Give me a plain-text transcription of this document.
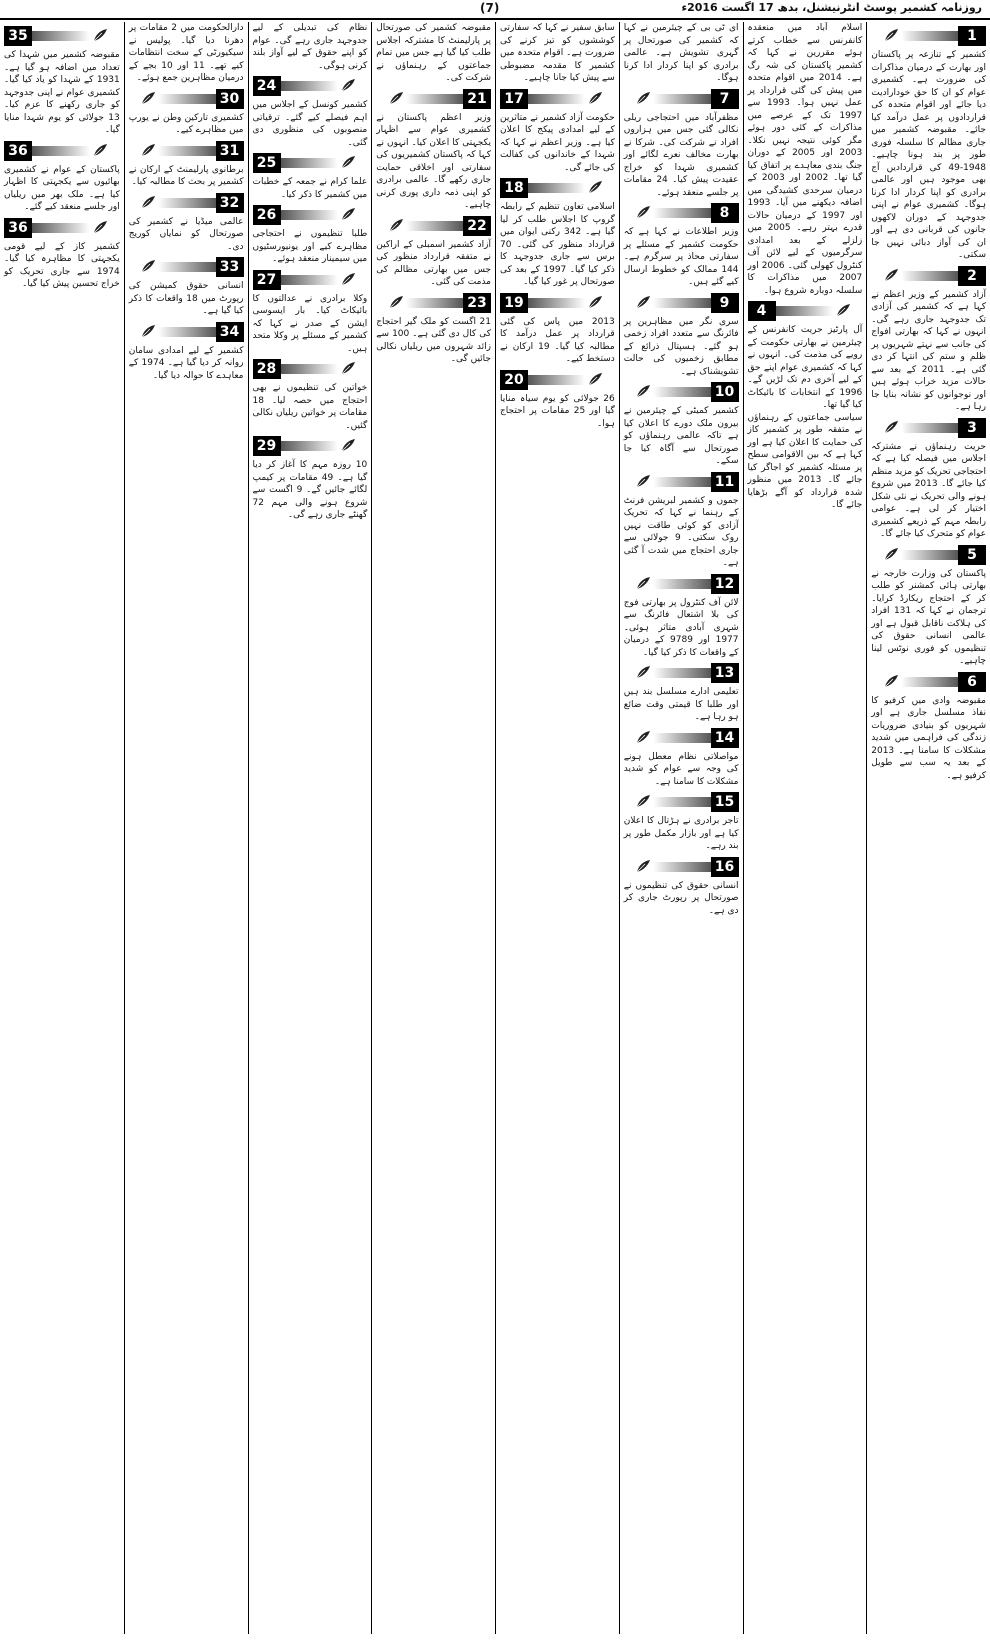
روزنامہ کشمیر پوسٹ انٹرنیشنل، بدھ 17 اگست 2016ء
(7)
1

کشمیر کے تنازعہ پر پاکستان اور بھارت کے درمیان مذاکرات کی ضرورت ہے۔ کشمیری عوام کو ان کا حق خودارادیت دیا جائے اور اقوام متحدہ کی قراردادوں پر عمل درآمد کیا جائے۔ مقبوضہ کشمیر میں جاری مظالم کا سلسلہ فوری طور پر بند ہونا چاہیے۔ 1948-49 کی قراردادیں آج بھی موجود ہیں اور عالمی برادری کو اپنا کردار ادا کرنا ہوگا۔ کشمیری عوام نے اپنی جدوجہد کے دوران لاکھوں جانوں کی قربانی دی ہے اور ان کی آواز دبائی نہیں جا سکتی۔

2

آزاد کشمیر کے وزیر اعظم نے کہا ہے کہ کشمیر کی آزادی تک جدوجہد جاری رہے گی۔ انہوں نے کہا کہ بھارتی افواج کی جانب سے نہتے شہریوں پر ظلم و ستم کی انتہا کر دی گئی ہے۔ 2011 کے بعد سے حالات مزید خراب ہوئے ہیں اور نوجوانوں کو نشانہ بنایا جا رہا ہے۔

3

حریت رہنماؤں نے مشترکہ اجلاس میں فیصلہ کیا ہے کہ احتجاجی تحریک کو مزید منظم کیا جائے گا۔ 2013 میں شروع ہونے والی تحریک نے نئی شکل اختیار کر لی ہے۔ عوامی رابطہ مہم کے ذریعے کشمیری عوام کو متحرک کیا جائے گا۔

5

پاکستان کی وزارت خارجہ نے بھارتی ہائی کمشنر کو طلب کر کے احتجاج ریکارڈ کرایا۔ ترجمان نے کہا کہ 131 افراد کی ہلاکت ناقابل قبول ہے اور عالمی انسانی حقوق کی تنظیموں کو فوری نوٹس لینا چاہیے۔

6

مقبوضہ وادی میں کرفیو کا نفاذ مسلسل جاری ہے اور شہریوں کو بنیادی ضروریات زندگی کی فراہمی میں شدید مشکلات کا سامنا ہے۔ 2013 کے بعد یہ سب سے طویل کرفیو ہے۔

اسلام آباد میں منعقدہ کانفرنس سے خطاب کرتے ہوئے مقررین نے کہا کہ کشمیر پاکستان کی شہ رگ ہے۔ 2014 میں اقوام متحدہ میں پیش کی گئی قرارداد پر عمل نہیں ہوا۔ 1993 سے 1997 تک کے عرصے میں مذاکرات کے کئی دور ہوئے مگر کوئی نتیجہ نہیں نکلا۔ 2003 اور 2005 کے دوران جنگ بندی معاہدے پر اتفاق کیا گیا تھا۔ 2002 اور 2003 کے درمیان سرحدی کشیدگی میں اضافہ دیکھنے میں آیا۔ 1993 اور 1997 کے درمیان حالات قدرے بہتر رہے۔ 2005 میں زلزلے کے بعد امدادی سرگرمیوں کے لیے لائن آف کنٹرول کھولی گئی۔ 2006 اور 2007 میں مذاکرات کا سلسلہ دوبارہ شروع ہوا۔

4

آل پارٹیز حریت کانفرنس کے چیئرمین نے بھارتی حکومت کے رویے کی مذمت کی۔ انہوں نے کہا کہ کشمیری عوام اپنے حق کے لیے آخری دم تک لڑیں گے۔ 1996 کے انتخابات کا بائیکاٹ کیا گیا تھا۔

سیاسی جماعتوں کے رہنماؤں نے متفقہ طور پر کشمیر کاز کی حمایت کا اعلان کیا ہے اور کہا ہے کہ بین الاقوامی سطح پر مسئلہ کشمیر کو اجاگر کیا جائے گا۔ 2013 میں منظور شدہ قرارداد کو آگے بڑھایا جائے گا۔

ای ٹی بی کے چیئرمین نے کہا کہ کشمیر کی صورتحال پر گہری تشویش ہے۔ عالمی برادری کو اپنا کردار ادا کرنا ہوگا۔

7

مظفرآباد میں احتجاجی ریلی نکالی گئی جس میں ہزاروں افراد نے شرکت کی۔ شرکا نے بھارت مخالف نعرے لگائے اور کشمیری شہدا کو خراج عقیدت پیش کیا۔ 24 مقامات پر جلسے منعقد ہوئے۔

8

وزیر اطلاعات نے کہا ہے کہ حکومت کشمیر کے مسئلے پر سفارتی محاذ پر سرگرم ہے۔ 144 ممالک کو خطوط ارسال کیے گئے ہیں۔

9

سری نگر میں مظاہرین پر فائرنگ سے متعدد افراد زخمی ہو گئے۔ ہسپتال ذرائع کے مطابق زخمیوں کی حالت تشویشناک ہے۔

10

کشمیر کمیٹی کے چیئرمین نے بیرون ملک دورے کا اعلان کیا ہے تاکہ عالمی رہنماؤں کو صورتحال سے آگاہ کیا جا سکے۔

11

جموں و کشمیر لبریشن فرنٹ کے رہنما نے کہا کہ تحریک آزادی کو کوئی طاقت نہیں روک سکتی۔ 9 جولائی سے جاری احتجاج میں شدت آ گئی ہے۔

12

لائن آف کنٹرول پر بھارتی فوج کی بلا اشتعال فائرنگ سے شہری آبادی متاثر ہوئی۔ 1977 اور 9789 کے درمیان کے واقعات کا ذکر کیا گیا۔

13

تعلیمی ادارے مسلسل بند ہیں اور طلبا کا قیمتی وقت ضائع ہو رہا ہے۔

14

مواصلاتی نظام معطل ہونے کی وجہ سے عوام کو شدید مشکلات کا سامنا ہے۔

15

تاجر برادری نے ہڑتال کا اعلان کیا ہے اور بازار مکمل طور پر بند رہے۔

16

انسانی حقوق کی تنظیموں نے صورتحال پر رپورٹ جاری کر دی ہے۔

سابق سفیر نے کہا کہ سفارتی کوششوں کو تیز کرنے کی ضرورت ہے۔ اقوام متحدہ میں کشمیر کا مقدمہ مضبوطی سے پیش کیا جانا چاہیے۔

17

حکومت آزاد کشمیر نے متاثرین کے لیے امدادی پیکج کا اعلان کیا ہے۔ وزیر اعظم نے کہا کہ شہدا کے خاندانوں کی کفالت کی جائے گی۔

18

اسلامی تعاون تنظیم کے رابطہ گروپ کا اجلاس طلب کر لیا گیا ہے۔ 342 رکنی ایوان میں قرارداد منظور کی گئی۔ 70 برس سے جاری جدوجہد کا ذکر کیا گیا۔ 1997 کے بعد کی صورتحال پر غور کیا گیا۔

19

2013 میں پاس کی گئی قرارداد پر عمل درآمد کا مطالبہ کیا گیا۔ 19 ارکان نے دستخط کیے۔

20

26 جولائی کو یوم سیاہ منایا گیا اور 25 مقامات پر احتجاج ہوا۔

مقبوضہ کشمیر کی صورتحال پر پارلیمنٹ کا مشترکہ اجلاس طلب کیا گیا ہے جس میں تمام جماعتوں کے رہنماؤں نے شرکت کی۔

21

وزیر اعظم پاکستان نے کشمیری عوام سے اظہار یکجہتی کا اعلان کیا۔ انہوں نے کہا کہ پاکستان کشمیریوں کی سفارتی اور اخلاقی حمایت جاری رکھے گا۔ عالمی برادری کو اپنی ذمہ داری پوری کرنی چاہیے۔

22

آزاد کشمیر اسمبلی کے اراکین نے متفقہ قرارداد منظور کی جس میں بھارتی مظالم کی مذمت کی گئی۔

23

21 اگست کو ملک گیر احتجاج کی کال دی گئی ہے۔ 100 سے زائد شہروں میں ریلیاں نکالی جائیں گی۔

نظام کی تبدیلی کے لیے جدوجہد جاری رہے گی۔ عوام کو اپنے حقوق کے لیے آواز بلند کرنی ہوگی۔

24

کشمیر کونسل کے اجلاس میں اہم فیصلے کیے گئے۔ ترقیاتی منصوبوں کی منظوری دی گئی۔

25

علما کرام نے جمعہ کے خطبات میں کشمیر کا ذکر کیا۔

26

طلبا تنظیموں نے احتجاجی مظاہرے کیے اور یونیورسٹیوں میں سیمینار منعقد ہوئے۔

27

وکلا برادری نے عدالتوں کا بائیکاٹ کیا۔ بار ایسوسی ایشن کے صدر نے کہا کہ کشمیر کے مسئلے پر وکلا متحد ہیں۔

28

خواتین کی تنظیموں نے بھی احتجاج میں حصہ لیا۔ 18 مقامات پر خواتین ریلیاں نکالی گئیں۔

29

10 روزہ مہم کا آغاز کر دیا گیا ہے۔ 49 مقامات پر کیمپ لگائے جائیں گے۔ 9 اگست سے شروع ہونے والی مہم 72 گھنٹے جاری رہے گی۔

دارالحکومت میں 2 مقامات پر دھرنا دیا گیا۔ پولیس نے سیکیورٹی کے سخت انتظامات کیے تھے۔ 11 اور 10 بجے کے درمیان مظاہرین جمع ہوئے۔

30

کشمیری تارکین وطن نے یورپ میں مظاہرے کیے۔

31

برطانوی پارلیمنٹ کے ارکان نے کشمیر پر بحث کا مطالبہ کیا۔

32

عالمی میڈیا نے کشمیر کی صورتحال کو نمایاں کوریج دی۔

33

انسانی حقوق کمیشن کی رپورٹ میں 18 واقعات کا ذکر کیا گیا ہے۔

34

کشمیر کے لیے امدادی سامان روانہ کر دیا گیا ہے۔ 1974 کے معاہدے کا حوالہ دیا گیا۔

35

مقبوضہ کشمیر میں شہدا کی تعداد میں اضافہ ہو گیا ہے۔ 1931 کے شہدا کو یاد کیا گیا۔ کشمیری عوام نے اپنی جدوجہد کو جاری رکھنے کا عزم کیا۔ 13 جولائی کو یوم شہدا منایا گیا۔

36

پاکستان کے عوام نے کشمیری بھائیوں سے یکجہتی کا اظہار کیا ہے۔ ملک بھر میں ریلیاں اور جلسے منعقد کیے گئے۔

36

کشمیر کاز کے لیے قومی یکجہتی کا مظاہرہ کیا گیا۔ 1974 سے جاری تحریک کو خراج تحسین پیش کیا گیا۔
